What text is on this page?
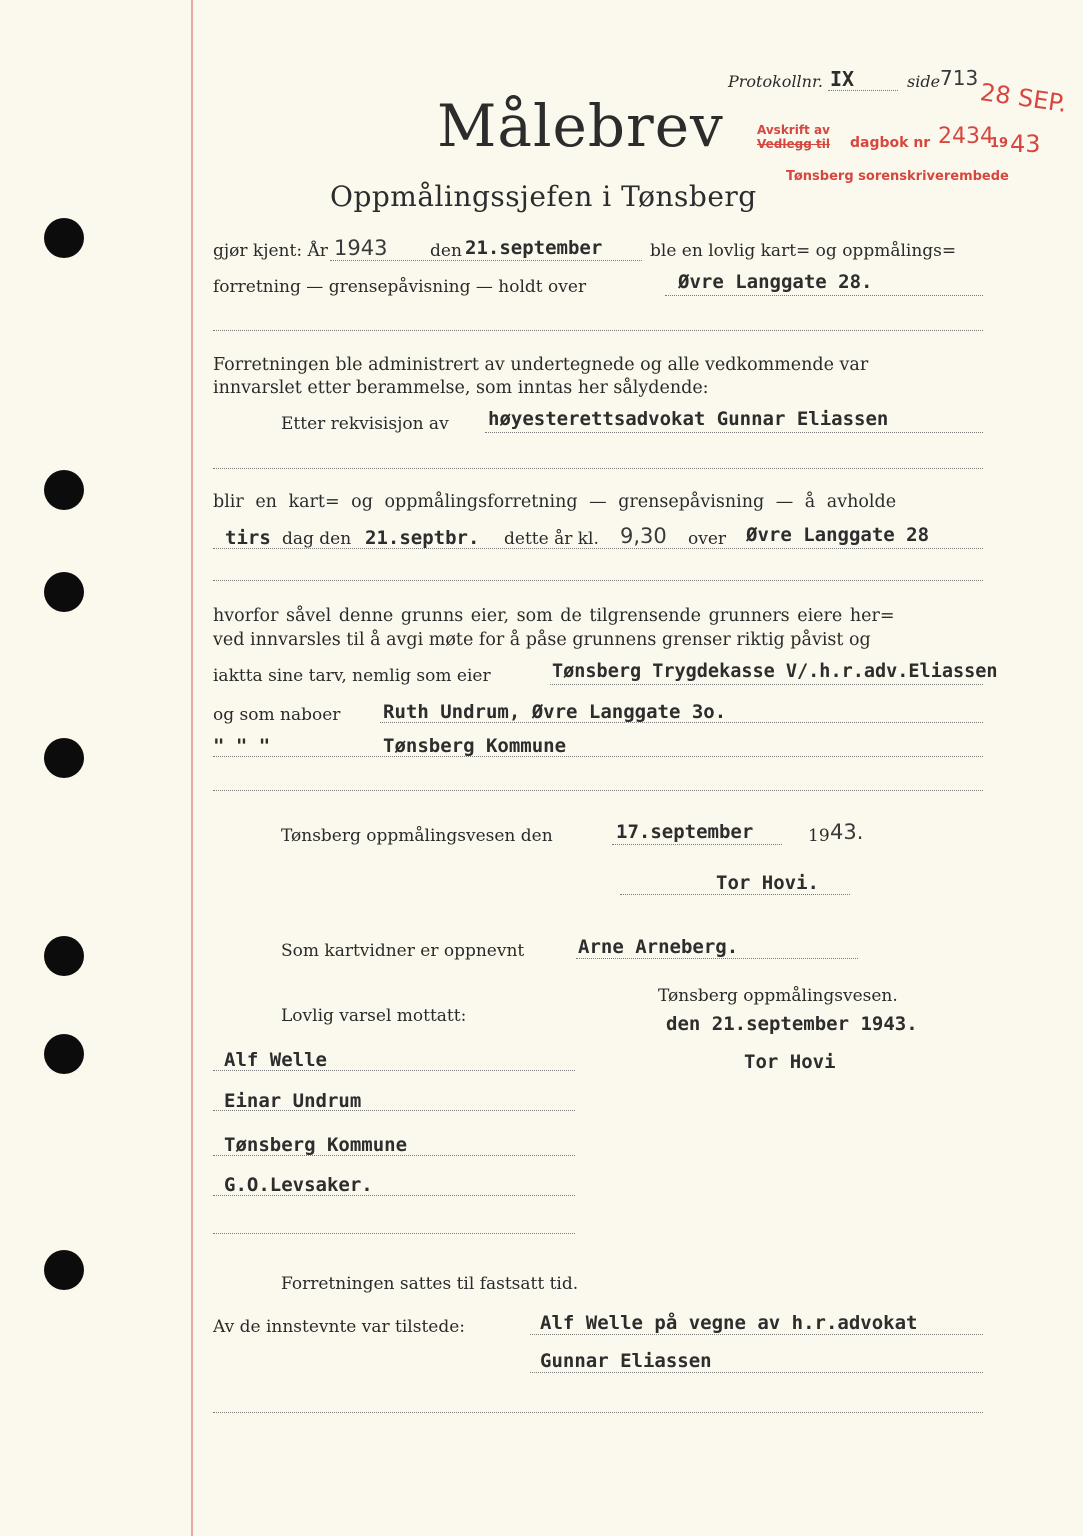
Protokollnr. IX	side 713
28 SEP.
Målebrev	Avskrift av
Vedlegg til dagbok nr 2434
19 43
Tønsberg sorenskriverembede
Oppmålingssjefen i Tønsberg
gjør kjent: År 1943	den 21.september	ble en lovlig kart= og oppmålings=
forretning — grensepåvisning — holdt over	Øvre Langgate 28.
Forretningen ble administrert av undertegnede og alle vedkommende var
innvarslet etter berammelse, som inntas her sålydende:
Etter rekvisisjon av høyesterettsadvokat Gunnar Eliassen
blir en kart= og oppmålingsforretning — grensepåvisning — å avholde
tirs dag den 21.septbr. dette år kl. 9,30 over Øvre Langgate 28
hvorfor såvel denne grunns eier, som de tilgrensende grunners eiere her=
ved innvarsles til å avgi møte for å påse grunnens grenser riktig påvist og
iaktta sine tarv, nemlig som eier	Tønsberg Trygdekasse V/.h.r.adv.Eliassen
og som naboer Ruth Undrum, Øvre Langgate 3o.
" " "	Tønsberg Kommune
Tønsberg oppmålingsvesen den	17.september	19 43.
Tor Hovi.
Som kartvidner er oppnevnt	Arne Arneberg.
Lovlig varsel mottatt:
Tønsberg oppmålingsvesen.
den 21.september 1943.
Tor Hovi
Alf Welle
Einar Undrum
Tønsberg Kommune
G.O.Levsaker.
Forretningen sattes til fastsatt tid.
Av de innstevnte var tilstede:	Alf Welle på vegne av h.r.advokat
Gunnar Eliassen
